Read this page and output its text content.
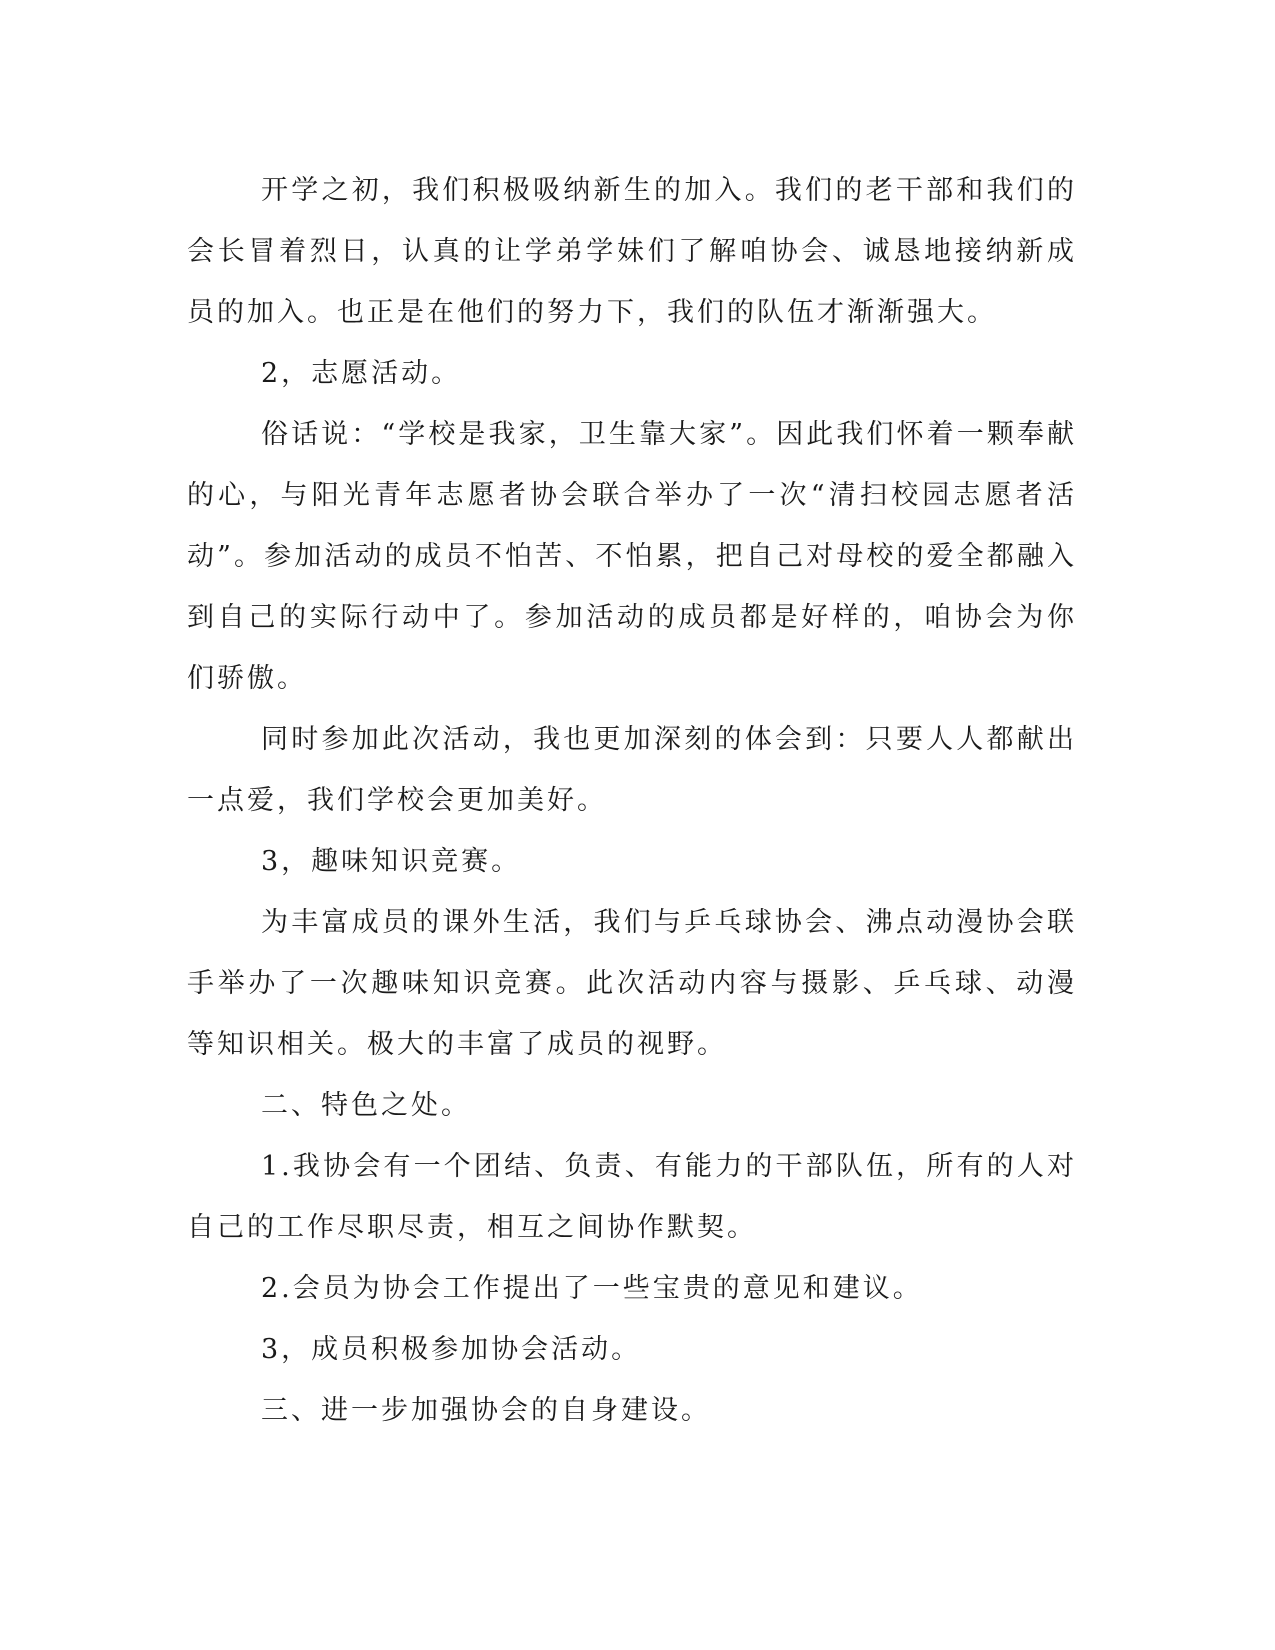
开学之初，我们积极吸纳新生的加入。我们的老干部和我们的会长冒着烈日，认真的让学弟学妹们了解咱协会、诚恳地接纳新成员的加入。也正是在他们的努力下，我们的队伍才渐渐强大。

2，志愿活动。

俗话说：“学校是我家，卫生靠大家”。因此我们怀着一颗奉献的心，与阳光青年志愿者协会联合举办了一次“清扫校园志愿者活动”。参加活动的成员不怕苦、不怕累，把自己对母校的爱全都融入到自己的实际行动中了。参加活动的成员都是好样的，咱协会为你们骄傲。

同时参加此次活动，我也更加深刻的体会到：只要人人都献出一点爱，我们学校会更加美好。

3，趣味知识竞赛。

为丰富成员的课外生活，我们与乒乓球协会、沸点动漫协会联手举办了一次趣味知识竞赛。此次活动内容与摄影、乒乓球、动漫等知识相关。极大的丰富了成员的视野。

二、特色之处。

1.我协会有一个团结、负责、有能力的干部队伍，所有的人对自己的工作尽职尽责，相互之间协作默契。

2.会员为协会工作提出了一些宝贵的意见和建议。

3，成员积极参加协会活动。

三、进一步加强协会的自身建设。
